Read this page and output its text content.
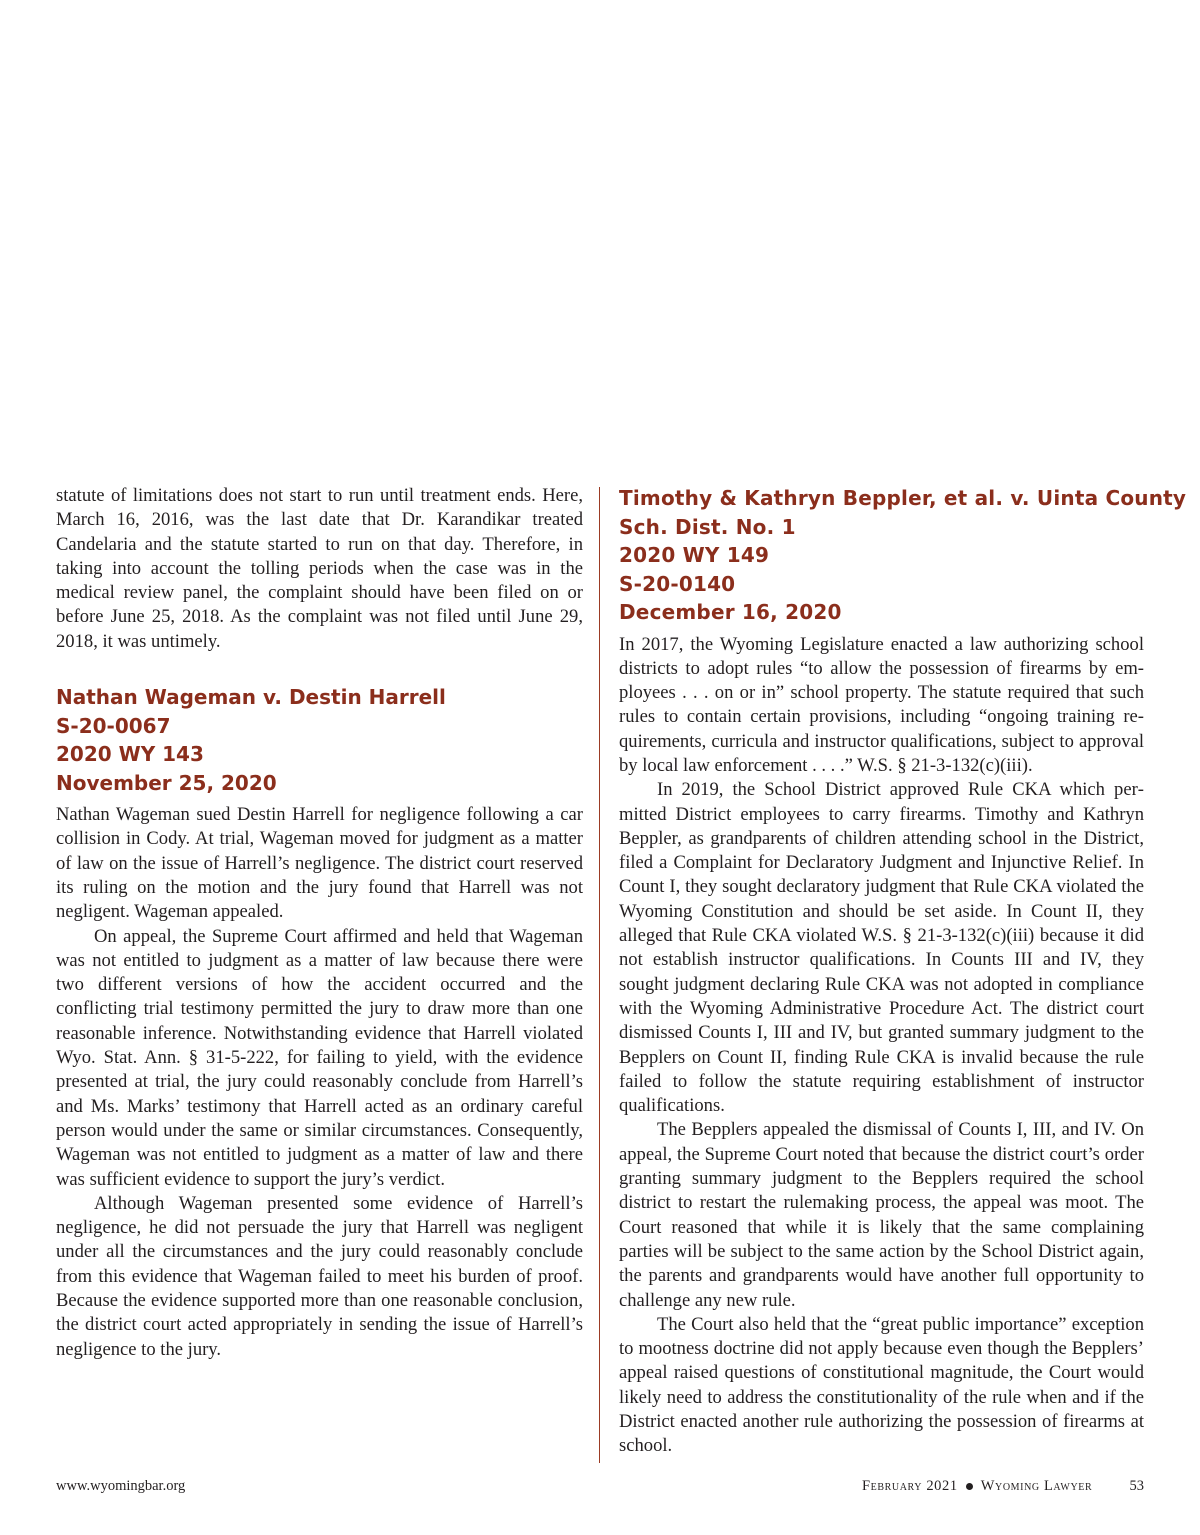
statute of limitations does not start to run until treatment ends. Here, March 16, 2016, was the last date that Dr. Karandikar treated Candelaria and the statute started to run on that day. Therefore, in taking into account the tolling periods when the case was in the medical review panel, the complaint should have been filed on or before June 25, 2018. As the complaint was not filed until June 29, 2018, it was untimely.

Nathan Wageman v. Destin Harrell
S-20-0067
2020 WY 143
November 25, 2020

Nathan Wageman sued Destin Harrell for negligence following a car collision in Cody. At trial, Wageman moved for judgment as a matter of law on the issue of Harrell’s negligence. The district court reserved its ruling on the motion and the jury found that Harrell was not negligent. Wageman appealed.

On appeal, the Supreme Court affirmed and held that Wageman was not entitled to judgment as a matter of law because there were two different versions of how the accident occurred and the conflicting trial testimony permitted the jury to draw more than one reasonable inference. Notwithstanding evidence that Harrell violated Wyo. Stat. Ann. § 31-5-222, for failing to yield, with the evidence presented at trial, the jury could reasonably conclude from Harrell’s and Ms. Marks’ testimony that Harrell acted as an ordinary careful person would under the same or similar circumstances. Consequently, Wageman was not entitled to judgment as a matter of law and there was sufficient evidence to support the jury’s verdict.

Although Wageman presented some evidence of Harrell’s negligence, he did not persuade the jury that Harrell was negligent under all the circumstances and the jury could reasonably conclude from this evidence that Wageman failed to meet his burden of proof. Because the evidence supported more than one reasonable conclusion, the district court acted appropriately in sending the issue of Harrell’s negligence to the jury.

Timothy & Kathryn Beppler, et al. v. Uinta County
Sch. Dist. No. 1
2020 WY 149
S-20-0140
December 16, 2020

In 2017, the Wyoming Legislature enacted a law authorizing school districts to adopt rules “to allow the possession of firearms by employees . . . on or in” school property. The statute required that such rules to contain certain provisions, including “ongoing training requirements, curricula and instructor qualifications, subject to approval by local law enforcement . . . .” W.S. § 21-3-132(c)(iii).

In 2019, the School District approved Rule CKA which permitted District employees to carry firearms. Timothy and Kathryn Beppler, as grandparents of children attending school in the District, filed a Complaint for Declaratory Judgment and Injunctive Relief. In Count I, they sought declaratory judgment that Rule CKA violated the Wyoming Constitution and should be set aside. In Count II, they alleged that Rule CKA violated W.S. § 21-3-132(c)(iii) because it did not establish instructor qualifications. In Counts III and IV, they sought judgment declaring Rule CKA was not adopted in compliance with the Wyoming Administrative Procedure Act. The district court dismissed Counts I, III and IV, but granted summary judgment to the Bepplers on Count II, finding Rule CKA is invalid because the rule failed to follow the statute requiring establishment of instructor qualifications.

The Bepplers appealed the dismissal of Counts I, III, and IV. On appeal, the Supreme Court noted that because the district court’s order granting summary judgment to the Bepplers required the school district to restart the rulemaking process, the appeal was moot. The Court reasoned that while it is likely that the same complaining parties will be subject to the same action by the School District again, the parents and grandparents would have another full opportunity to challenge any new rule.

The Court also held that the “great public importance” exception to mootness doctrine did not apply because even though the Bepplers’ appeal raised questions of constitutional magnitude, the Court would likely need to address the constitutionality of the rule when and if the District enacted another rule authorizing the possession of firearms at school.

www.wyomingbar.org	February 2021 Wyoming Lawyer	53
